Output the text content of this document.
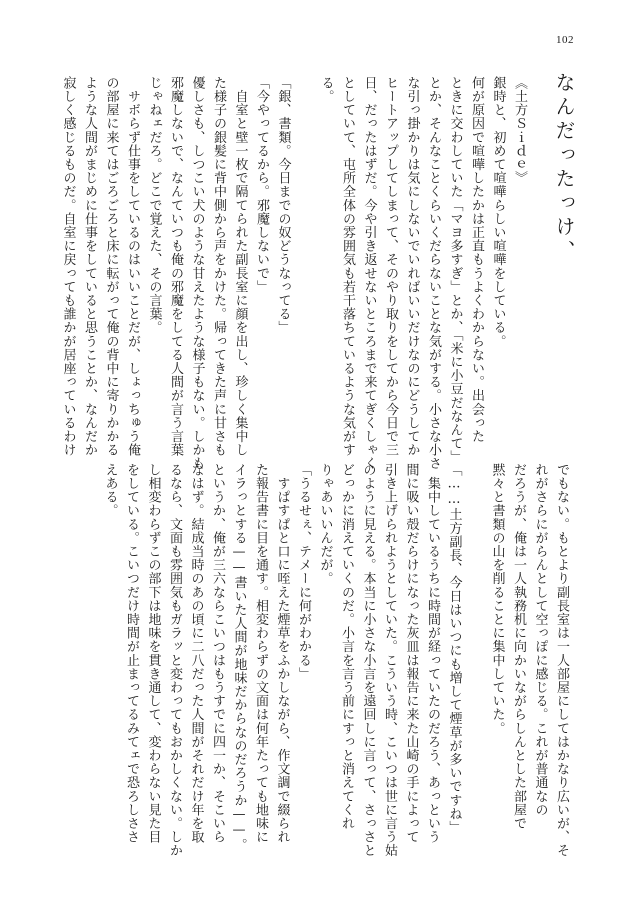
102
なんだったっけ、
《土方Ｓｉｄｅ》
銀時と、初めて喧嘩らしい喧嘩をしている。
何が原因で喧嘩したかは正直もうよくわからない。出会った
ときに交わしていた「マヨ多すぎ」とか、「米に小豆だなんて」
とか、そんなことくらいくだらないことな気がする。小さな小さ
な引っ掛かりは気にしないでいればいいだけなのにどうしてか
ヒートアップしてしまって、そのやり取りをしてから今日で三
日、だったはずだ。今や引き返せないところまで来てぎくしゃく
としていて、屯所全体の雰囲気も若干落ちているような気がす
る。
「銀、書類。今日までの奴どうなってる」
「今やってるから。邪魔しないで」
　自室と壁一枚で隔てられた副長室に顔を出し、珍しく集中し
た様子の銀髪に背中側から声をかけた。帰ってきた声に甘さも
優しさも、しつこい犬のような甘えたような様子もない。しかも
邪魔しないで、なんていつも俺の邪魔をしてる人間が言う言葉
じゃねェだろ。どこで覚えた、その言葉。
　サボらず仕事をしているのはいいことだが、しょっちゅう俺
の部屋に来てはごろごろと床に転がって俺の背中に寄りかかる
ような人間がまじめに仕事をしていると思うことか、なんだか
寂しく感じるものだ。自室に戻っても誰かが居座っているわけ
でもない。もとより副長室は一人部屋にしてはかなり広いが、そ
れがさらにがらんとして空っぽに感じる。これが普通なの
だろうが、俺は一人執務机に向かいながらしんとした部屋で
黙々と書類の山を削ることに集中していた。
「……土方副長、今日はいつにも増して煙草が多いですね」
　集中しているうちに時間が経っていたのだろう、あっという
間に吸い殻だらけになった灰皿は報告に来た山崎の手によって
引き上げられようとしていた。こういう時、こいつは世に言う姑
のように見える。本当に小さな小言を遠回しに言って、さっさと
どっかに消えていくのだ。小言を言う前にすっと消えてくれ
りゃあいいんだが。
「うるせぇ、テメーに何がわかる」
　すぱすぱと口に咥えた煙草をふかしながら、作文調で綴られ
た報告書に目を通す。相変わらずの文面は何年たっても地味に
イラっとする——書いた人間が地味だからなのだろうか——。
というか、俺が三六ならこいつはもうすでに四一か、そこいら
なはず。結成当時のあの頃に二八だった人間がそれだけ年を取
るなら、文面も雰囲気もガラッと変わってもおかしくない。しか
し相変わらずこの部下は地味を貫き通して、変わらない見た目
をしている。こいつだけ時間が止まってるみてェで恐ろしささ
えある。
